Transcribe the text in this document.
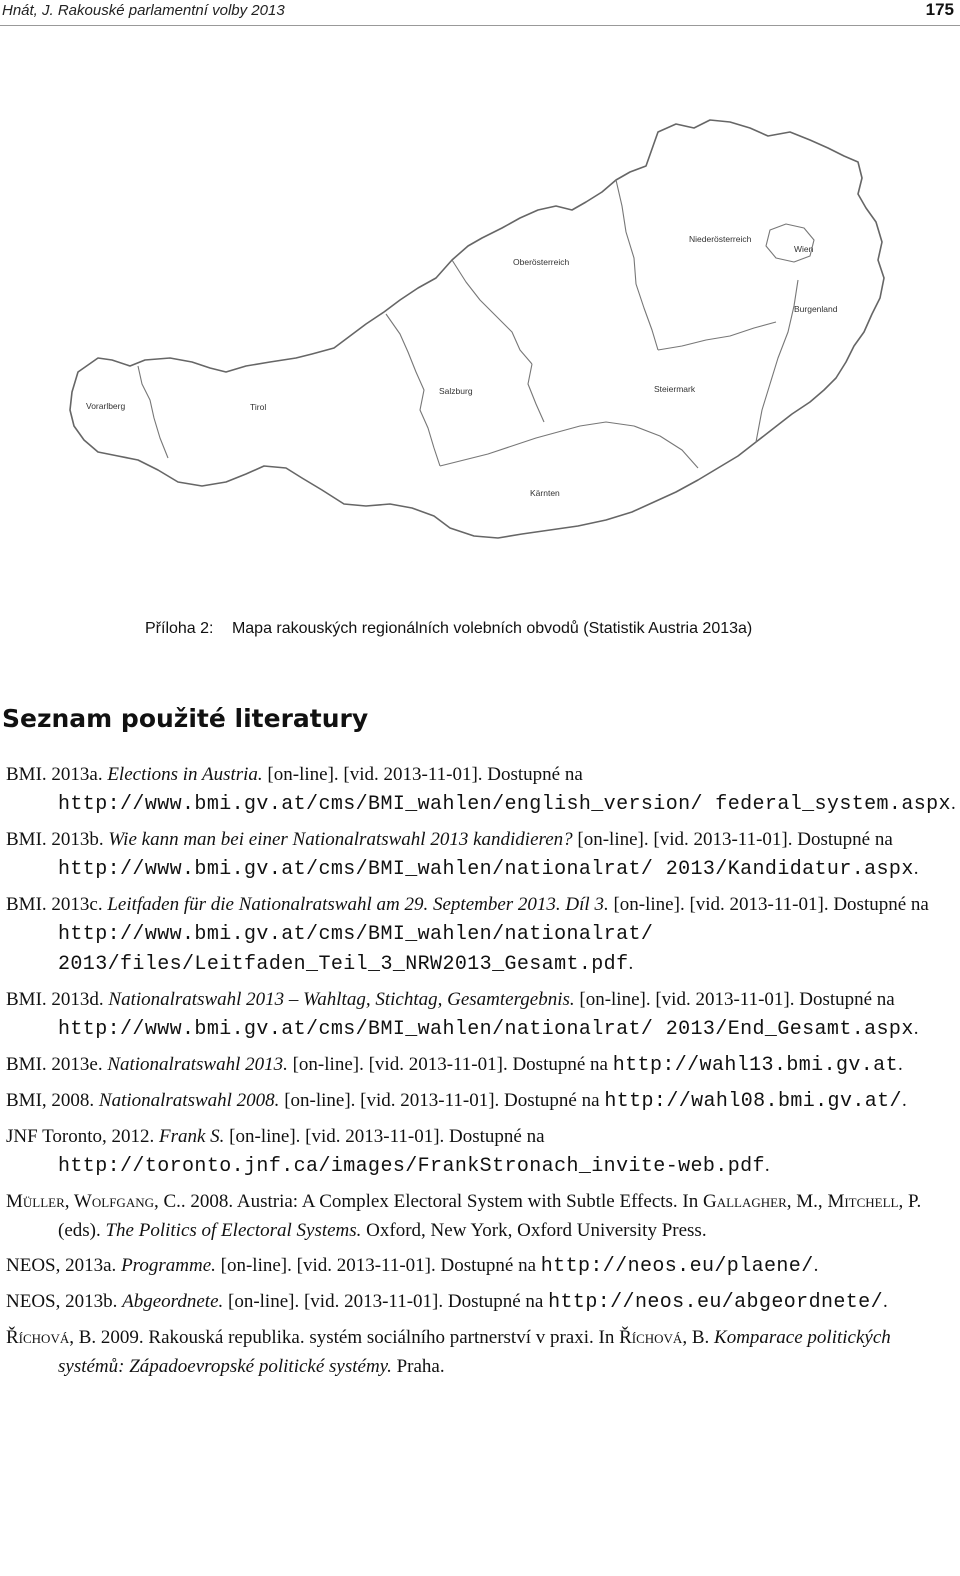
Hnát, J. Rakouské parlamentní volby 2013	175
Oberösterreich
Niederösterreich
Wien
Burgenland
Vorarlberg	Tirol
Salzburg	Steiermark
Kärnten
Příloha 2: Mapa rakouských regionálních volebních obvodů (Statistik Austria 2013a)
Seznam použité literatury

BMI. 2013a. Elections in Austria. [on-line]. [vid. 2013-11-01]. Dostupné na http://www.bmi.gv.at/cms/BMI_wahlen/english_version/ federal_system.aspx.

BMI. 2013b. Wie kann man bei einer Nationalratswahl 2013 kandidieren? [on-line]. [vid. 2013-11-01]. Dostupné na http://www.bmi.gv.at/cms/BMI_wahlen/nationalrat/ 2013/Kandidatur.aspx.

BMI. 2013c. Leitfaden für die Nationalratswahl am 29. September 2013. Díl 3. [on-line]. [vid. 2013-11-01]. Dostupné na http://www.bmi.gv.at/cms/BMI_wahlen/nationalrat/ 2013/files/Leitfaden_Teil_3_NRW2013_Gesamt.pdf.

BMI. 2013d. Nationalratswahl 2013 – Wahltag, Stichtag, Gesamtergebnis. [on-line]. [vid. 2013-11-01]. Dostupné na http://www.bmi.gv.at/cms/BMI_wahlen/nationalrat/ 2013/End_Gesamt.aspx.

BMI. 2013e. Nationalratswahl 2013. [on-line]. [vid. 2013-11-01]. Dostupné na http://wahl13.bmi.gv.at.

BMI, 2008. Nationalratswahl 2008. [on-line]. [vid. 2013-11-01]. Dostupné na http://wahl08.bmi.gv.at/.

JNF Toronto, 2012. Frank S. [on-line]. [vid. 2013-11-01]. Dostupné na http://toronto.jnf.ca/images/FrankStronach_invite-web.pdf.

Müller, Wolfgang, C.. 2008. Austria: A Complex Electoral System with Subtle Effects. In Gallagher, M., Mitchell, P. (eds). The Politics of Electoral Systems. Oxford, New York, Oxford University Press.

NEOS, 2013a. Programme. [on-line]. [vid. 2013-11-01]. Dostupné na http://neos.eu/plaene/.

NEOS, 2013b. Abgeordnete. [on-line]. [vid. 2013-11-01]. Dostupné na http://neos.eu/abgeordnete/.

Říchová, B. 2009. Rakouská republika. systém sociálního partnerství v praxi. In Říchová, B. Komparace politických systémů: Západoevropské politické systémy. Praha.
